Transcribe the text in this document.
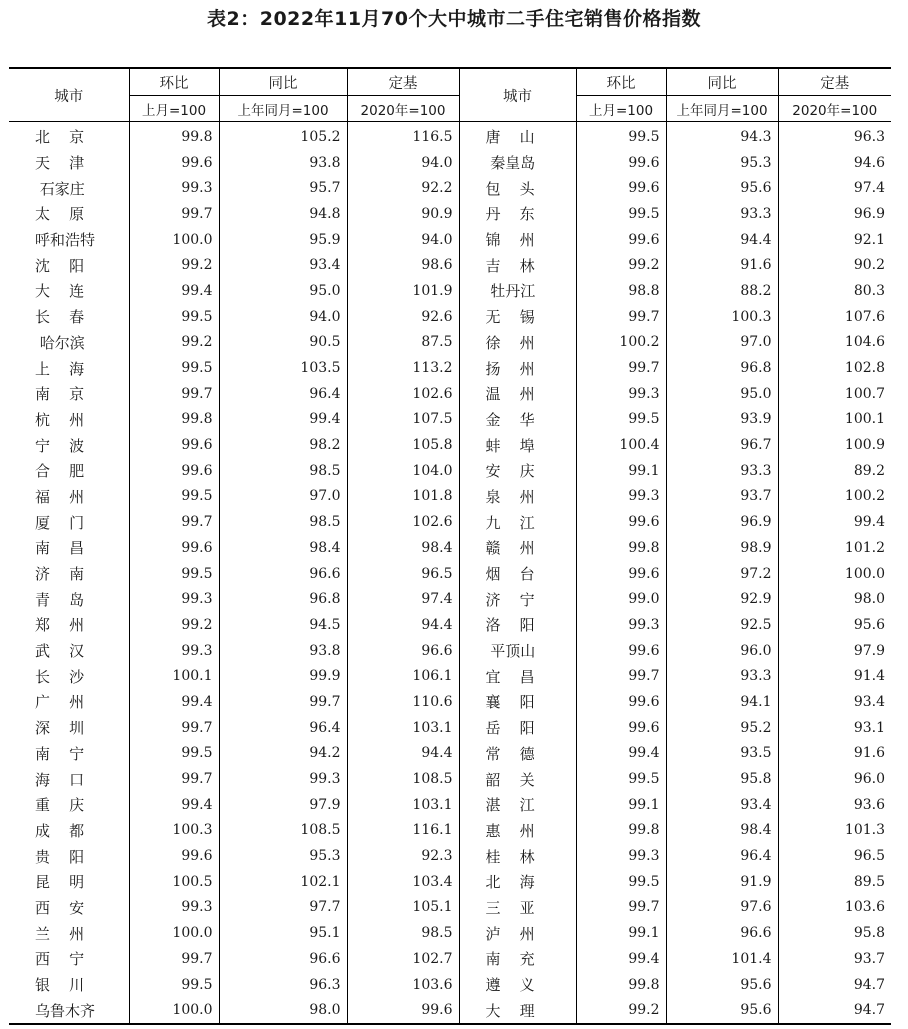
表2：2022年11月70个大中城市二手住宅销售价格指数
城市	环比	同比	定基	城市	环比	同比	定基
	上月=100	上年同月=100	2020年=100		上月=100	上年同月=100	2020年=100
北    京	99.8	105.2	116.5	唐    山	99.5	94.3	96.3
天    津	99.6	93.8	94.0	秦皇岛	99.6	95.3	94.6
石家庄	99.3	95.7	92.2	包    头	99.6	95.6	97.4
太    原	99.7	94.8	90.9	丹    东	99.5	93.3	96.9
呼和浩特	100.0	95.9	94.0	锦    州	99.6	94.4	92.1
沈    阳	99.2	93.4	98.6	吉    林	99.2	91.6	90.2
大    连	99.4	95.0	101.9	牡丹江	98.8	88.2	80.3
长    春	99.5	94.0	92.6	无    锡	99.7	100.3	107.6
哈尔滨	99.2	90.5	87.5	徐    州	100.2	97.0	104.6
上    海	99.5	103.5	113.2	扬    州	99.7	96.8	102.8
南    京	99.7	96.4	102.6	温    州	99.3	95.0	100.7
杭    州	99.8	99.4	107.5	金    华	99.5	93.9	100.1
宁    波	99.6	98.2	105.8	蚌    埠	100.4	96.7	100.9
合    肥	99.6	98.5	104.0	安    庆	99.1	93.3	89.2
福    州	99.5	97.0	101.8	泉    州	99.3	93.7	100.2
厦    门	99.7	98.5	102.6	九    江	99.6	96.9	99.4
南    昌	99.6	98.4	98.4	赣    州	99.8	98.9	101.2
济    南	99.5	96.6	96.5	烟    台	99.6	97.2	100.0
青    岛	99.3	96.8	97.4	济    宁	99.0	92.9	98.0
郑    州	99.2	94.5	94.4	洛    阳	99.3	92.5	95.6
武    汉	99.3	93.8	96.6	平顶山	99.6	96.0	97.9
长    沙	100.1	99.9	106.1	宜    昌	99.7	93.3	91.4
广    州	99.4	99.7	110.6	襄    阳	99.6	94.1	93.4
深    圳	99.7	96.4	103.1	岳    阳	99.6	95.2	93.1
南    宁	99.5	94.2	94.4	常    德	99.4	93.5	91.6
海    口	99.7	99.3	108.5	韶    关	99.5	95.8	96.0
重    庆	99.4	97.9	103.1	湛    江	99.1	93.4	93.6
成    都	100.3	108.5	116.1	惠    州	99.8	98.4	101.3
贵    阳	99.6	95.3	92.3	桂    林	99.3	96.4	96.5
昆    明	100.5	102.1	103.4	北    海	99.5	91.9	89.5
西    安	99.3	97.7	105.1	三    亚	99.7	97.6	103.6
兰    州	100.0	95.1	98.5	泸    州	99.1	96.6	95.8
西    宁	99.7	96.6	102.7	南    充	99.4	101.4	93.7
银    川	99.5	96.3	103.6	遵    义	99.8	95.6	94.7
乌鲁木齐	100.0	98.0	99.6	大    理	99.2	95.6	94.7
